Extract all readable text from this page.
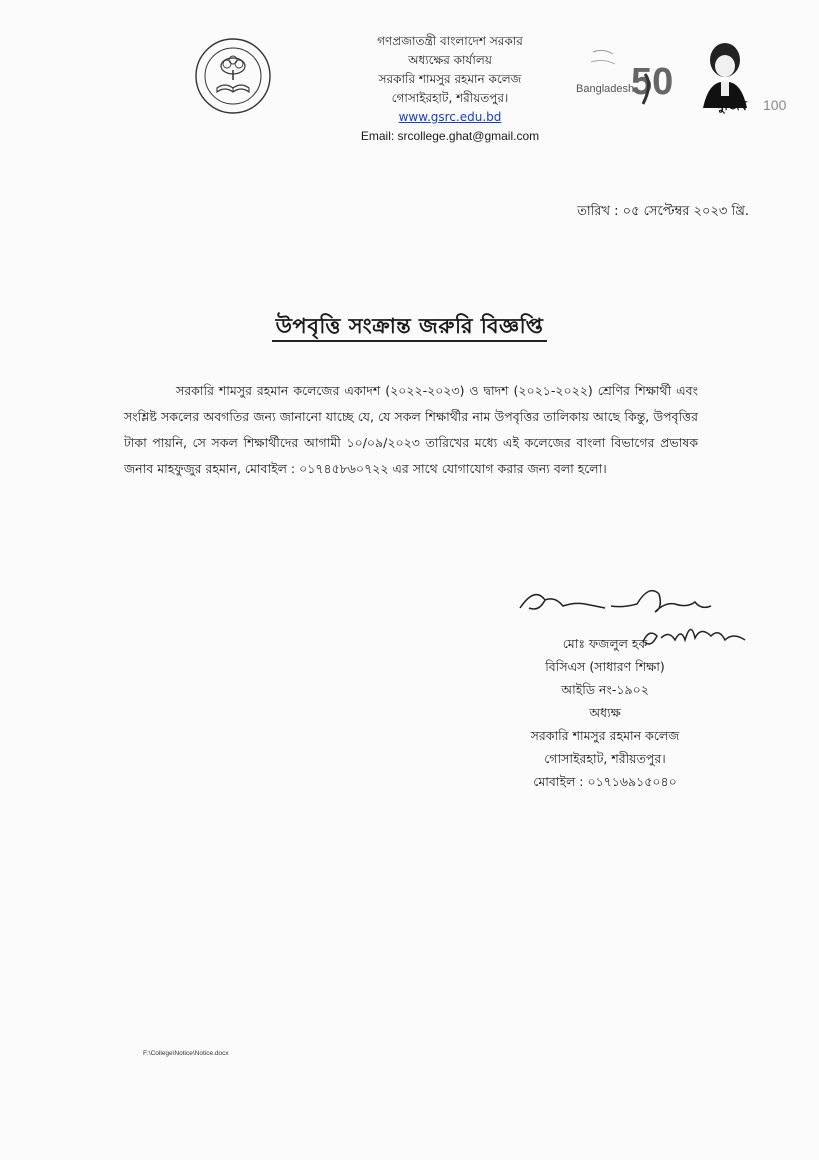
গণপ্রজাতন্ত্রী বাংলাদেশ সরকার
অধ্যক্ষের কার্যালয়
সরকারি শামসুর রহমান কলেজ
গোসাইরহাট, শরীয়তপুর।
www.gsrc.edu.bd
Email: srcollege.ghat@gmail.com
Bangladesh
50
মুজিব 100
তারিখ : ০৫ সেপ্টেম্বর ২০২৩ খ্রি.
উপবৃত্তি সংক্রান্ত জরুরি বিজ্ঞপ্তি
সরকারি শামসুর রহমান কলেজের একাদশ (২০২২-২০২৩) ও দ্বাদশ (২০২১-২০২২) শ্রেণির শিক্ষার্থী এবং সংশ্লিষ্ট সকলের অবগতির জন্য জানানো যাচ্ছে যে, যে সকল শিক্ষার্থীর নাম উপবৃত্তির তালিকায় আছে কিন্তু, উপবৃত্তির টাকা পায়নি, সে সকল শিক্ষার্থীদের আগামী ১০/০৯/২০২৩ তারিখের মধ্যে এই কলেজের বাংলা বিভাগের প্রভাষক জনাব মাহফুজুর রহমান, মোবাইল : ০১৭৪৫৮৬০৭২২ এর সাথে যোগাযোগ করার জন্য বলা হলো।
মোঃ ফজলুল হক
বিসিএস (সাধারণ শিক্ষা)
আইডি নং-১৯০২
অধ্যক্ষ
সরকারি শামসুর রহমান কলেজ
গোসাইরহাট, শরীয়তপুর।
মোবাইল : ০১৭১৬৯১৫০৪০
F:\College\Notice\Notice.docx
